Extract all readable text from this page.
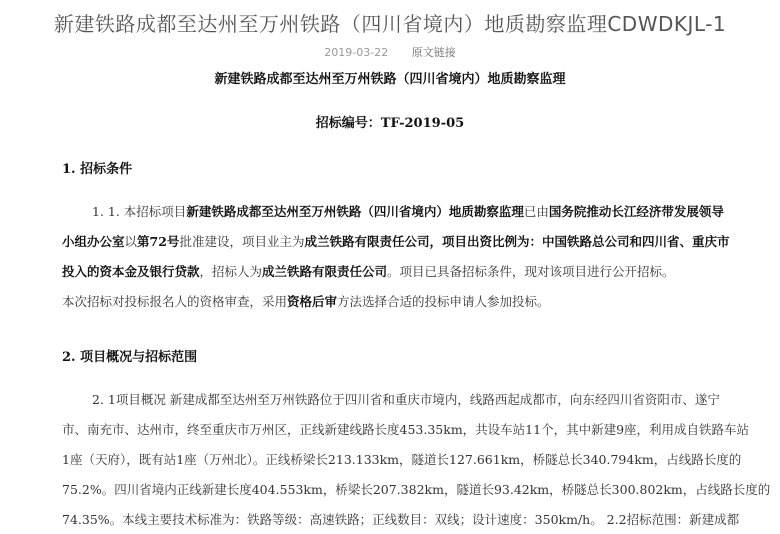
新建铁路成都至达州至万州铁路（四川省境内）地质勘察监理CDWDKJL-1
2019-03-22 原文链接
新建铁路成都至达州至万州铁路（四川省境内）地质勘察监理
招标编号：TF-2019-05
1. 招标条件
1. 1. 本招标项目新建铁路成都至达州至万州铁路（四川省境内）地质勘察监理已由国务院推动长江经济带发展领导
小组办公室以第72号批准建设，项目业主为成兰铁路有限责任公司，项目出资比例为：中国铁路总公司和四川省、重庆市
投入的资本金及银行贷款，招标人为成兰铁路有限责任公司。项目已具备招标条件，现对该项目进行公开招标。
本次招标对投标报名人的资格审查，采用资格后审方法选择合适的投标申请人参加投标。
2. 项目概况与招标范围
2. 1项目概况 新建成都至达州至万州铁路位于四川省和重庆市境内，线路西起成都市，向东经四川省资阳市、遂宁
市、南充市、达州市，终至重庆市万州区，正线新建线路长度453.35km，共设车站11个，其中新建9座，利用成自铁路车站
1座（天府），既有站1座（万州北）。正线桥梁长213.133km，隧道长127.661km，桥隧总长340.794km，占线路长度的
75.2%。四川省境内正线新建长度404.553km，桥梁长207.382km，隧道长93.42km，桥隧总长300.802km，占线路长度的
74.35%。本线主要技术标准为：铁路等级：高速铁路；正线数目：双线；设计速度：350km/h。 2.2招标范围：新建成都
